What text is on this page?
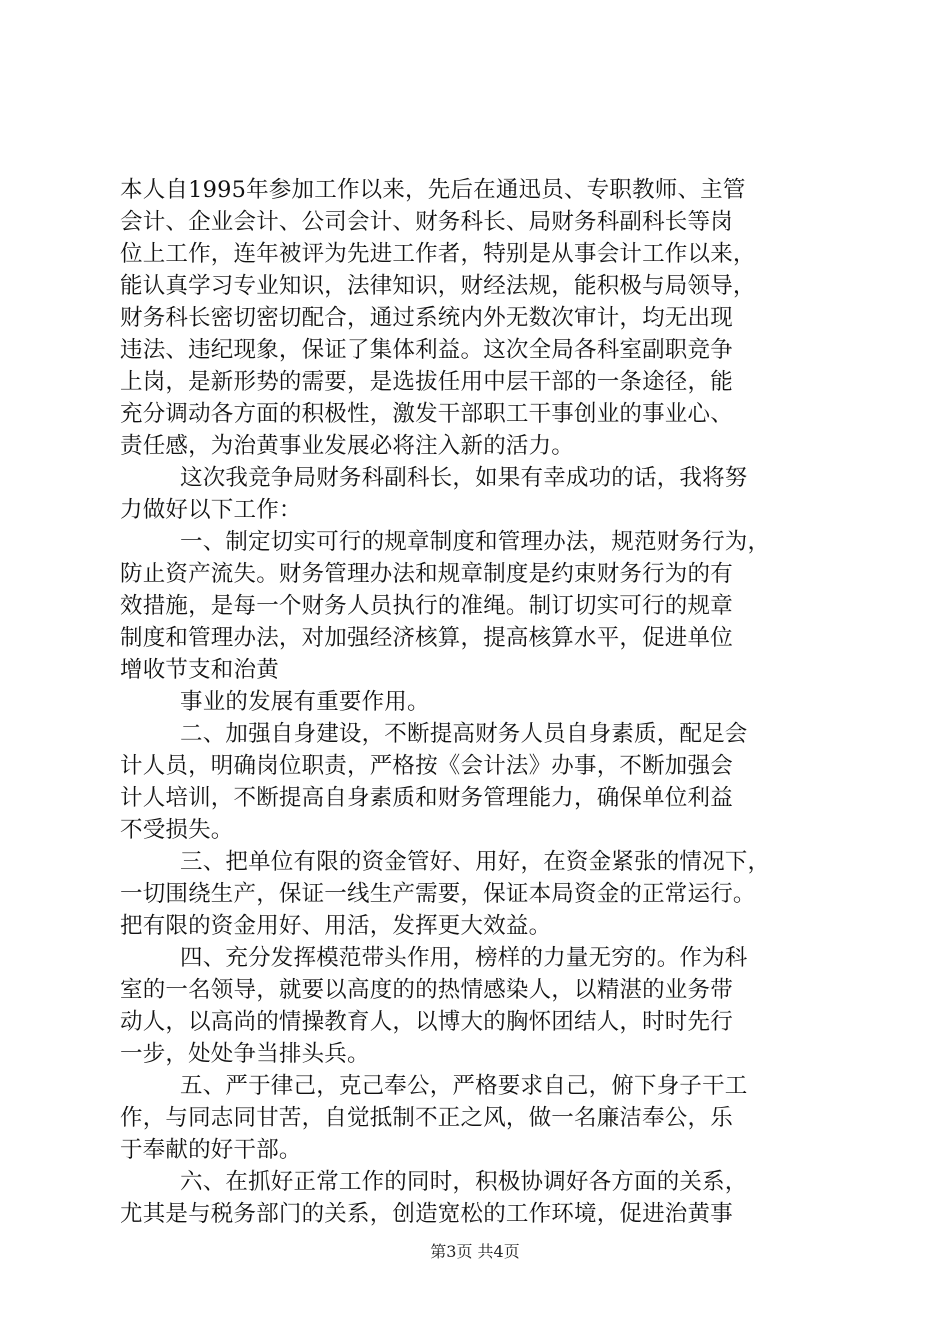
本人自1995年参加工作以来，先后在通迅员、专职教师、主管
会计、企业会计、公司会计、财务科长、局财务科副科长等岗
位上工作，连年被评为先进工作者，特别是从事会计工作以来，
能认真学习专业知识，法律知识，财经法规，能积极与局领导，
财务科长密切密切配合，通过系统内外无数次审计，均无出现
违法、违纪现象，保证了集体利益。这次全局各科室副职竞争
上岗，是新形势的需要，是选拔任用中层干部的一条途径，能
充分调动各方面的积极性，激发干部职工干事创业的事业心、
责任感，为治黄事业发展必将注入新的活力。
这次我竞争局财务科副科长，如果有幸成功的话，我将努
力做好以下工作：
一、制定切实可行的规章制度和管理办法，规范财务行为，
防止资产流失。财务管理办法和规章制度是约束财务行为的有
效措施，是每一个财务人员执行的准绳。制订切实可行的规章
制度和管理办法，对加强经济核算，提高核算水平，促进单位
增收节支和治黄
事业的发展有重要作用。
二、加强自身建设，不断提高财务人员自身素质，配足会
计人员，明确岗位职责，严格按《会计法》办事，不断加强会
计人培训，不断提高自身素质和财务管理能力，确保单位利益
不受损失。
三、把单位有限的资金管好、用好，在资金紧张的情况下，
一切围绕生产，保证一线生产需要，保证本局资金的正常运行。
把有限的资金用好、用活，发挥更大效益。
四、充分发挥模范带头作用，榜样的力量无穷的。作为科
室的一名领导，就要以高度的的热情感染人，以精湛的业务带
动人，以高尚的情操教育人，以博大的胸怀团结人，时时先行
一步，处处争当排头兵。
五、严于律己，克己奉公，严格要求自己，俯下身子干工
作，与同志同甘苦，自觉抵制不正之风，做一名廉洁奉公，乐
于奉献的好干部。
六、在抓好正常工作的同时，积极协调好各方面的关系，
尤其是与税务部门的关系，创造宽松的工作环境，促进治黄事
第3页 共4页
